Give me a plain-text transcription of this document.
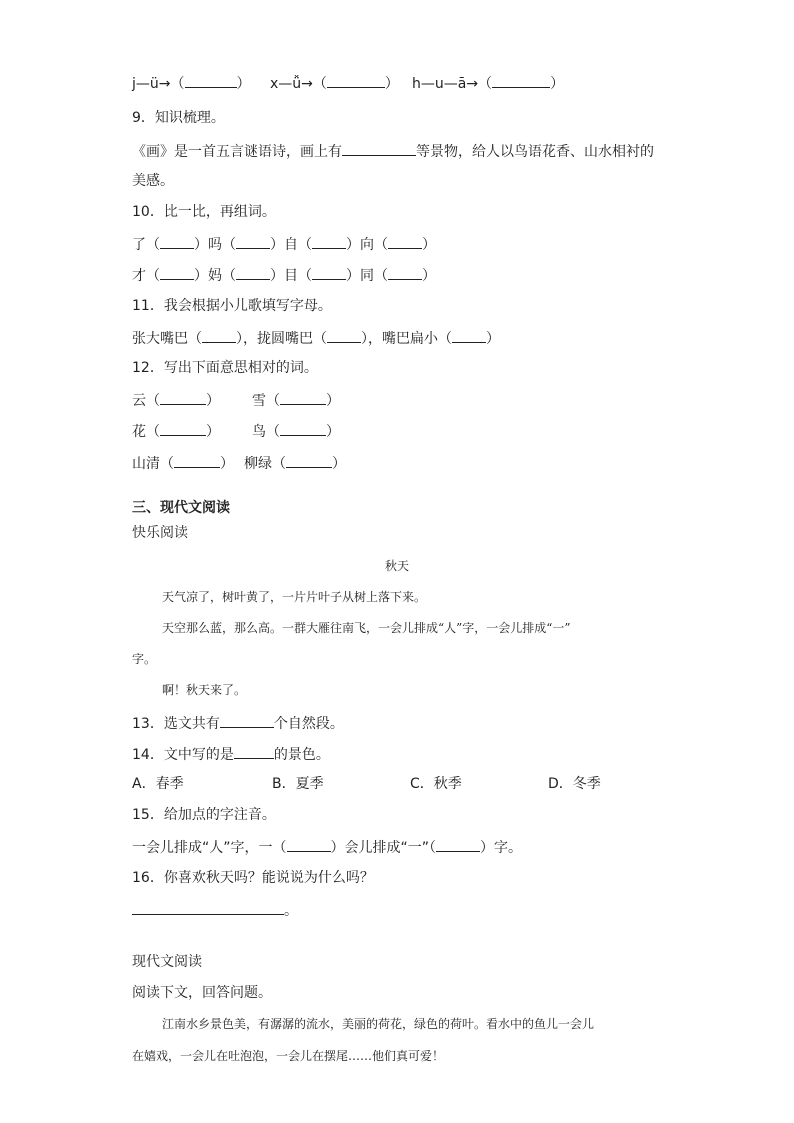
j—ü→（	） x—ǚ→（	） h—u—ā→（	）
9．知识梳理。
《画》是一首五言谜语诗，画上有	等景物，给人以鸟语花香、山水相衬的
美感。
10．比一比，再组词。
了（ ）吗（ ）自（ ）向（ ）
才（ ）妈（ ）目（ ）同（ ）
11．我会根据小儿歌填写字母。
张大嘴巴（ ），拢圆嘴巴（ ），嘴巴扁小（ ）
12．写出下面意思相对的词。
云（	） 雪（	）
花（	） 鸟（	）
山清（	） 柳绿（	）
三、现代文阅读
快乐阅读
秋天
天气凉了，树叶黄了，一片片叶子从树上落下来。
天空那么蓝，那么高。一群大雁往南飞，一会儿排成“人”字，一会儿排成“一”
字。
啊！秋天来了。
13．选文共有	个自然段。
14．文中写的是	的景色。
A．春季	B．夏季	C．秋季	D．冬季
15．给加点的字注音。
一会儿排成“人”字，一（	）会儿排成“一”（	）字。
16．你喜欢秋天吗？能说说为什么吗？
。
现代文阅读
阅读下文，回答问题。
江南水乡景色美，有潺潺的流水，美丽的荷花，绿色的荷叶。看水中的鱼儿一会儿
在嬉戏，一会儿在吐泡泡，一会儿在摆尾……他们真可爱！
